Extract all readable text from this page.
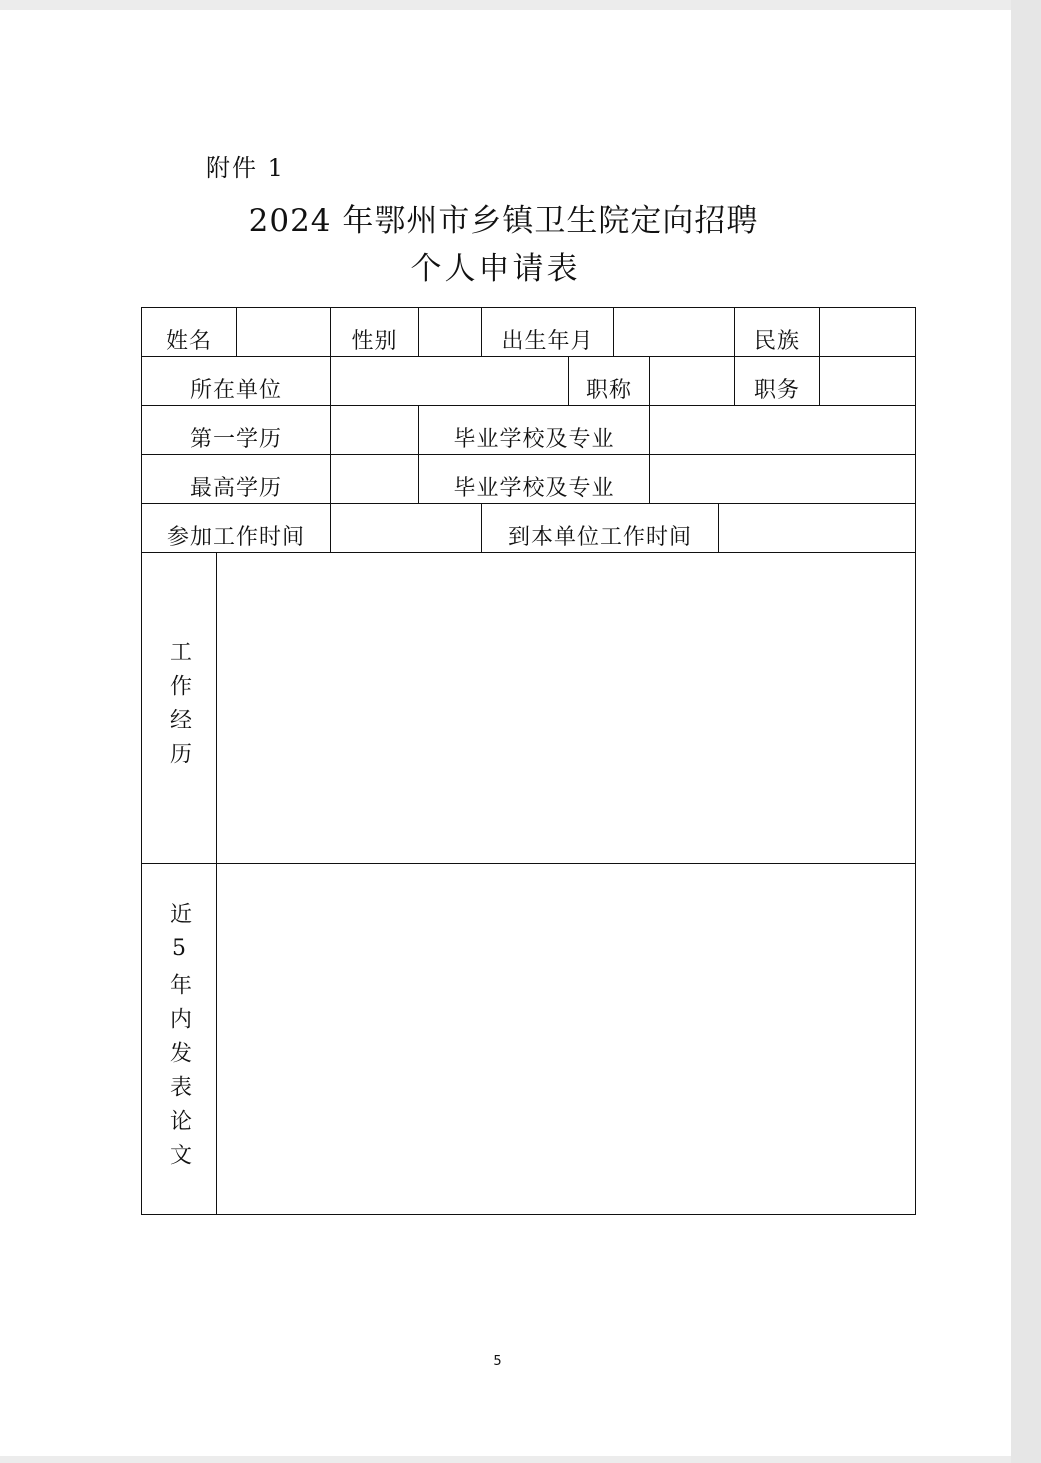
附件 1
2024 年鄂州市乡镇卫生院定向招聘
个人申请表
姓名	性别	出生年月	民族
所在单位	职称	职务
第一学历	毕业学校及专业
最高学历	毕业学校及专业
参加工作时间	到本单位工作时间
工作经历
近5年内发表论文
5
